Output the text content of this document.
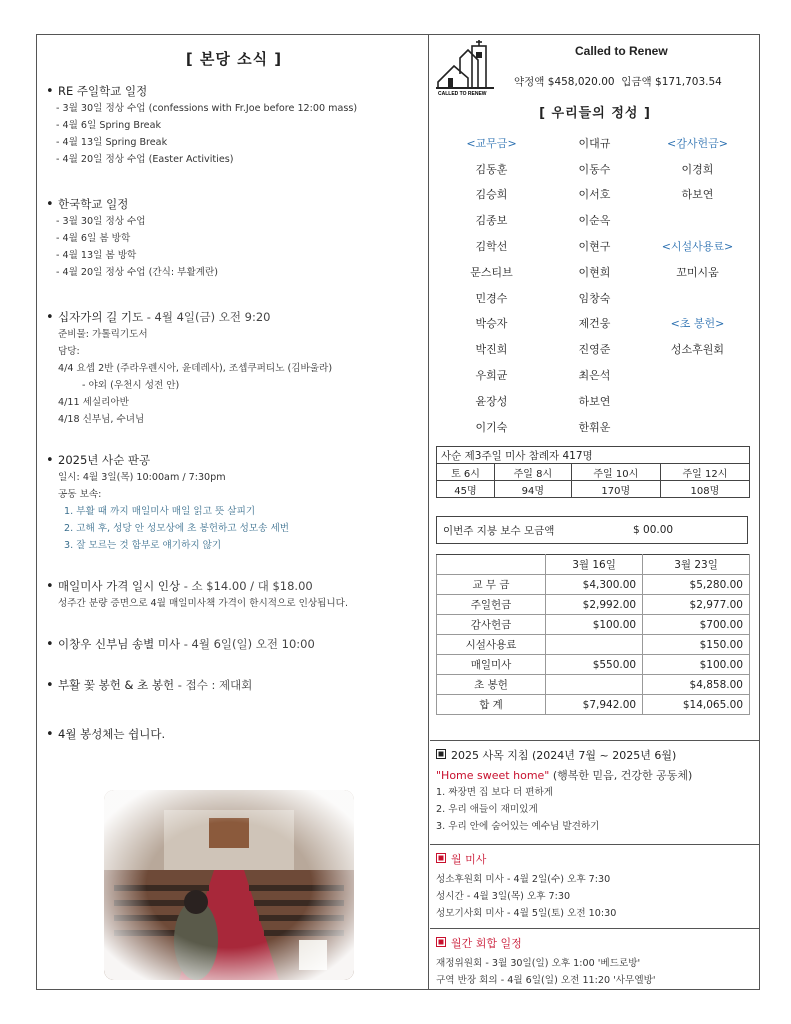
[ 본당 소식 ]
• RE 주일학교 일정
- 3월 30일 정상 수업 (confessions with Fr.Joe before 12:00 mass)
- 4월 6일 Spring Break
- 4월 13일 Spring Break
- 4월 20일 정상 수업 (Easter Activities)
• 한국학교 일정
- 3월 30일 정상 수업
- 4월 6일 봄 방학
- 4월 13일 봄 방학
- 4월 20일 정상 수업 (간식: 부활계란)
• 십자가의 길 기도 - 4월 4일(금) 오전 9:20
준비물: 가톨릭기도서
담당:
4/4 요셉 2반 (주라우렌시아, 윤데레사), 조셉쿠퍼티노 (김바울라)
- 야외 (우천시 성전 안)
4/11 세실리아반
4/18 신부님, 수녀님
• 2025년 사순 판공
일시: 4월 3일(목) 10:00am / 7:30pm
공동 보속:
1. 부활 때 까지 매일미사 매일 읽고 뜻 살피기
2. 고해 후, 성당 안 성모상에 초 봉헌하고 성모송 세번
3. 잘 모르는 것 함부로 얘기하지 않기
• 매일미사 가격 일시 인상 - 소 $14.00 / 대 $18.00
성주간 분량 증면으로 4월 매일미사책 가격이 한시적으로 인상됩니다.
• 이창우 신부님 송별 미사 - 4월 6일(일) 오전 10:00
• 부활 꽃 봉헌 & 초 봉헌 - 접수 : 제대회
• 4월 봉성체는 쉽니다.
CALLED TO RENEW
Called to Renew
약정액 $458,020.00 입금액 $171,703.54
[ 우리들의 정성 ]
<교무금>	이대규	<감사헌금>
김동훈	이동수	이경희
김승희	이서호	하보연
김종보	이순옥
김학선	이현구	<시설사용료>
문스티브	이현희	꼬미시움
민경수	임창숙
박승자	제건웅	<초 봉헌>
박진희	진영준	성소후원회
우희균	최은석
윤장성	하보연
이기숙	한휘운
사순 제3주일 미사 참례자 417명			
토 6시	주일 8시	주일 10시	주일 12시
45명	94명	170명	108명
이번주 지붕 보수 모금액	$ 00.00
	3월 16일	3월 23일
교 무 금	$4,300.00	$5,280.00
주일헌금	$2,992.00	$2,977.00
감사헌금	$100.00	$700.00
시설사용료		$150.00
매일미사	$550.00	$100.00
초 봉헌		$4,858.00
합 계	$7,942.00	$14,065.00
2025 사목 지침 (2024년 7월 ~ 2025년 6월)
"Home sweet home" (행복한 믿음, 건강한 공동체)
1. 짜장면 집 보다 더 편하게
2. 우리 애들이 재미있게
3. 우리 안에 숨어있는 예수님 발견하기
월 미사
성소후원회 미사 - 4월 2일(수) 오후 7:30
성시간 - 4월 3일(목) 오후 7:30
성모기사회 미사 - 4월 5일(토) 오전 10:30
월간 회합 일정
재정위원회 - 3월 30일(일) 오후 1:00 '베드로방'
구역 반장 회의 - 4월 6일(일) 오전 11:20 '사무엘방'
